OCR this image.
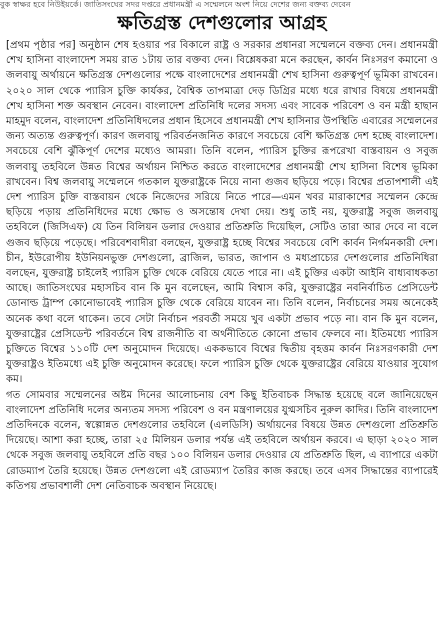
বুক স্বাক্ষর হবে নিউইয়র্কে। জাতিসংঘের সদর দপ্তরে প্রধানমন্ত্রী এ সম্মেলনে অংশ নিয়ে দেশের জন্য বক্তব্য দেবেন
ক্ষতিগ্রস্ত দেশগুলোর আগ্রহ

[প্রথম পৃষ্ঠার পর] অনুষ্ঠান শেষ হওয়ার পর বিকালে রাষ্ট্র ও সরকার প্রধানরা সম্মেলনে বক্তব্য দেন। প্রধানমন্ত্রী শেখ হাসিনা বাংলাদেশ সময় রাত ১টায় তার বক্তব্য দেন। বিশ্লেষকরা মনে করছেন, কার্বন নিঃসরণ কমানো ও জলবায়ু অর্থায়নে ক্ষতিগ্রস্ত দেশগুলোর পক্ষে বাংলাদেশের প্রধানমন্ত্রী শেখ হাসিনা গুরুত্বপূর্ণ ভূমিকা রাখবেন। ২০২০ সাল থেকে প্যারিস চুক্তি কার্যকর, বৈশ্বিক তাপমাত্রা দেড় ডিগ্রির মধ্যে ধরে রাখার বিষয়ে প্রধানমন্ত্রী শেখ হাসিনা শক্ত অবস্থান নেবেন। বাংলাদেশ প্রতিনিধি দলের সদস্য এবং সাবেক পরিবেশ ও বন মন্ত্রী হাছান মাহমুদ বলেন, বাংলাদেশ প্রতিনিধিদলের প্রধান হিসেবে প্রধানমন্ত্রী শেখ হাসিনার উপস্থিতি এবারের সম্মেলনের জন্য অত্যন্ত গুরুত্বপূর্ণ। কারণ জলবায়ু পরিবর্তনজনিত কারণে সবচেয়ে বেশি ক্ষতিগ্রস্ত দেশ হচ্ছে বাংলাদেশ। সবচেয়ে বেশি ঝুঁকিপূর্ণ দেশের মধ্যেও আমরা। তিনি বলেন, প্যারিস চুক্তির রূপরেখা বাস্তবায়ন ও সবুজ জলবায়ু তহবিলে উন্নত বিশ্বের অর্থায়ন নিশ্চিত করতে বাংলাদেশের প্রধানমন্ত্রী শেখ হাসিনা বিশেষ ভূমিকা রাখবেন। বিশ্ব জলবায়ু সম্মেলনে গতকাল যুক্তরাষ্ট্রকে নিয়ে নানা গুজব ছড়িয়ে পড়ে। বিশ্বের প্রতাপশালী এই দেশ প্যারিস চুক্তি বাস্তবায়ন থেকে নিজেদের সরিয়ে নিতে পারে—এমন খবর মারাকাশের সম্মেলন কেন্দ্রে ছড়িয়ে পড়ায় প্রতিনিধিদের মধ্যে ক্ষোভ ও অসন্তোষ দেখা দেয়। শুধু তাই নয়, যুক্তরাষ্ট্র সবুজ জলবায়ু তহবিলে (জিসিএফ) যে তিন বিলিয়ন ডলার দেওয়ার প্রতিশ্রুতি দিয়েছিল, সেটিও তারা আর দেবে না বলে গুজব ছড়িয়ে পড়েছে। পরিবেশবাদীরা বলছেন, যুক্তরাষ্ট্র হচ্ছে বিশ্বের সবচেয়ে বেশি কার্বন নির্গমনকারী দেশ। চীন, ইউরোপীয় ইউনিয়নভুক্ত দেশগুলো, ব্রাজিল, ভারত, জাপান ও মধ্যপ্রাচ্যের দেশগুলোর প্রতিনিধিরা বলছেন, যুক্তরাষ্ট্র চাইলেই প্যারিস চুক্তি থেকে বেরিয়ে যেতে পারে না। এই চুক্তির একটা আইনি বাধ্যবাধকতা আছে। জাতিসংঘের মহাসচিব বান কি মুন বলেছেন, আমি বিশ্বাস করি, যুক্তরাষ্ট্রের নবনির্বাচিত প্রেসিডেন্ট ডোনাল্ড ট্রাম্প কোনোভাবেই প্যারিস চুক্তি থেকে বেরিয়ে যাবেন না। তিনি বলেন, নির্বাচনের সময় অনেকেই অনেক কথা বলে থাকেন। তবে সেটা নির্বাচন পরবর্তী সময়ে খুব একটা প্রভাব পড়ে না। বান কি মুন বলেন, যুক্তরাষ্ট্রের প্রেসিডেন্ট পরিবর্তনে বিশ্ব রাজনীতি বা অর্থনীতিতে কোনো প্রভাব ফেলবে না। ইতিমধ্যে প্যারিস চুক্তিতে বিশ্বের ১১০টি দেশ অনুমোদন দিয়েছে। এককভাবে বিশ্বের দ্বিতীয় বৃহত্তম কার্বন নিঃসরণকারী দেশ যুক্তরাষ্ট্রও ইতিমধ্যে এই চুক্তি অনুমোদন করেছে। ফলে প্যারিস চুক্তি থেকে যুক্তরাষ্ট্রের বেরিয়ে যাওয়ার সুযোগ কম।

গত সোমবার সম্মেলনের অষ্টম দিনের আলোচনায় বেশ কিছু ইতিবাচক সিদ্ধান্ত হয়েছে বলে জানিয়েছেন বাংলাদেশ প্রতিনিধি দলের অন্যতম সদস্য পরিবেশ ও বন মন্ত্রণালয়ের যুগ্মসচিব নুরুল কাদির। তিনি বাংলাদেশ প্রতিদিনকে বলেন, স্বল্পোন্নত দেশগুলোর তহবিলে (এলডিসি) অর্থায়নের বিষয়ে উন্নত দেশগুলো প্রতিশ্রুতি দিয়েছে। আশা করা হচ্ছে, তারা ২৫ মিলিয়ন ডলার পর্যন্ত এই তহবিলে অর্থায়ন করবে। এ ছাড়া ২০২০ সাল থেকে সবুজ জলবায়ু তহবিলে প্রতি বছর ১০০ বিলিয়ন ডলার দেওয়ার যে প্রতিশ্রুতি ছিল, এ ব্যাপারে একটা রোডম্যাপ তৈরি হয়েছে। উন্নত দেশগুলো এই রোডম্যাপ তৈরির কাজ করছে। তবে এসব সিদ্ধান্তের ব্যাপারেই কতিপয় প্রভাবশালী দেশ নেতিবাচক অবস্থান নিয়েছে।
